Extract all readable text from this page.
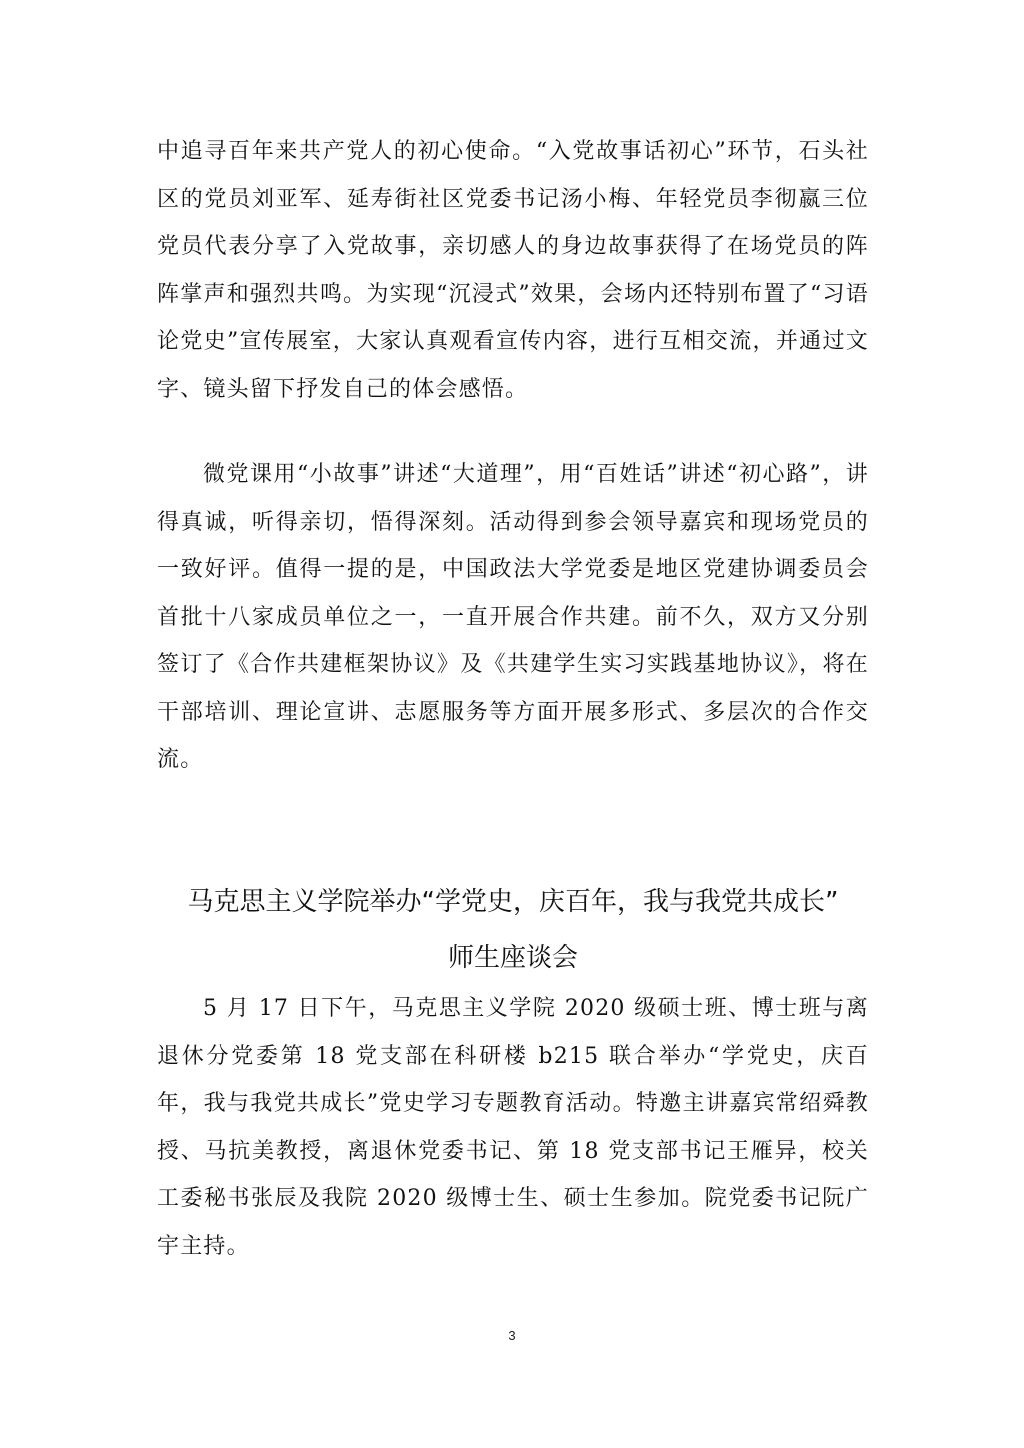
中追寻百年来共产党人的初心使命。“入党故事话初心”环节，石头社区的党员刘亚军、延寿街社区党委书记汤小梅、年轻党员李彻嬴三位党员代表分享了入党故事，亲切感人的身边故事获得了在场党员的阵阵掌声和强烈共鸣。为实现“沉浸式”效果，会场内还特别布置了“习语论党史”宣传展室，大家认真观看宣传内容，进行互相交流，并通过文字、镜头留下抒发自己的体会感悟。

微党课用“小故事”讲述“大道理”，用“百姓话”讲述“初心路”，讲得真诚，听得亲切，悟得深刻。活动得到参会领导嘉宾和现场党员的一致好评。值得一提的是，中国政法大学党委是地区党建协调委员会首批十八家成员单位之一，一直开展合作共建。前不久，双方又分别签订了《合作共建框架协议》及《共建学生实习实践基地协议》，将在干部培训、理论宣讲、志愿服务等方面开展多形式、多层次的合作交流。

马克思主义学院举办“学党史，庆百年，我与我党共成长”
师生座谈会

5 月 17 日下午，马克思主义学院 2020 级硕士班、博士班与离退休分党委第 18 党支部在科研楼 b215 联合举办“学党史，庆百年，我与我党共成长”党史学习专题教育活动。特邀主讲嘉宾常绍舜教授、马抗美教授，离退休党委书记、第 18 党支部书记王雁异，校关工委秘书张辰及我院 2020 级博士生、硕士生参加。院党委书记阮广宇主持。

3
